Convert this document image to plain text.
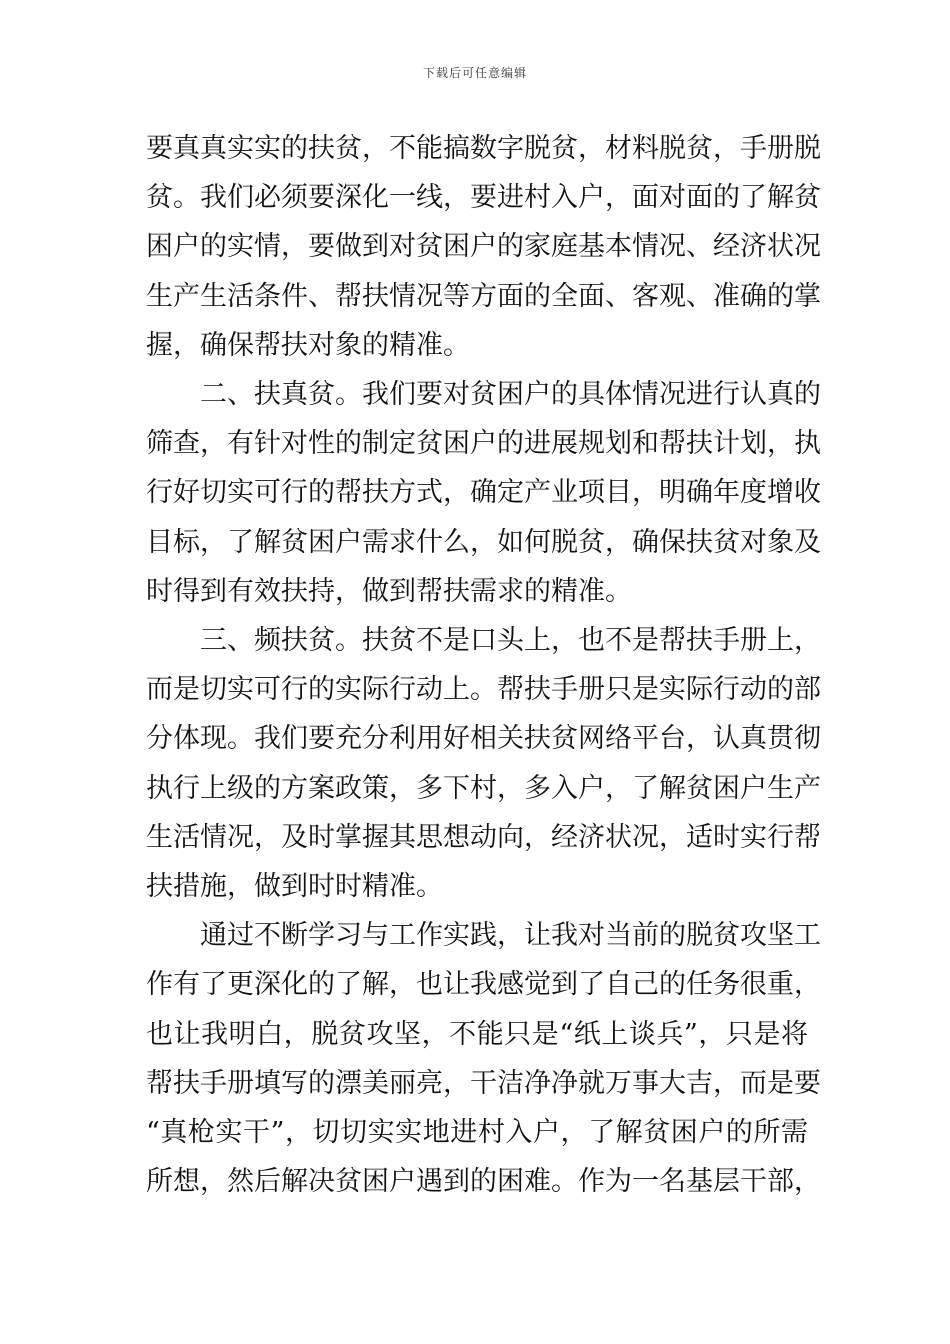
下载后可任意编辑
要真真实实的扶贫，不能搞数字脱贫，材料脱贫，手册脱
贫。我们必须要深化一线，要进村入户，面对面的了解贫
困户的实情，要做到对贫困户的家庭基本情况、经济状况
生产生活条件、帮扶情况等方面的全面、客观、准确的掌
握，确保帮扶对象的精准。
二、扶真贫。我们要对贫困户的具体情况进行认真的
筛查，有针对性的制定贫困户的进展规划和帮扶计划，执
行好切实可行的帮扶方式，确定产业项目，明确年度增收
目标，了解贫困户需求什么，如何脱贫，确保扶贫对象及
时得到有效扶持，做到帮扶需求的精准。
三、频扶贫。扶贫不是口头上，也不是帮扶手册上，
而是切实可行的实际行动上。帮扶手册只是实际行动的部
分体现。我们要充分利用好相关扶贫网络平台，认真贯彻
执行上级的方案政策，多下村，多入户，了解贫困户生产
生活情况，及时掌握其思想动向，经济状况，适时实行帮
扶措施，做到时时精准。
通过不断学习与工作实践，让我对当前的脱贫攻坚工
作有了更深化的了解，也让我感觉到了自己的任务很重，
也让我明白，脱贫攻坚，不能只是“纸上谈兵”，只是将
帮扶手册填写的漂美丽亮，干洁净净就万事大吉，而是要
“真枪实干”，切切实实地进村入户，了解贫困户的所需
所想，然后解决贫困户遇到的困难。作为一名基层干部，
